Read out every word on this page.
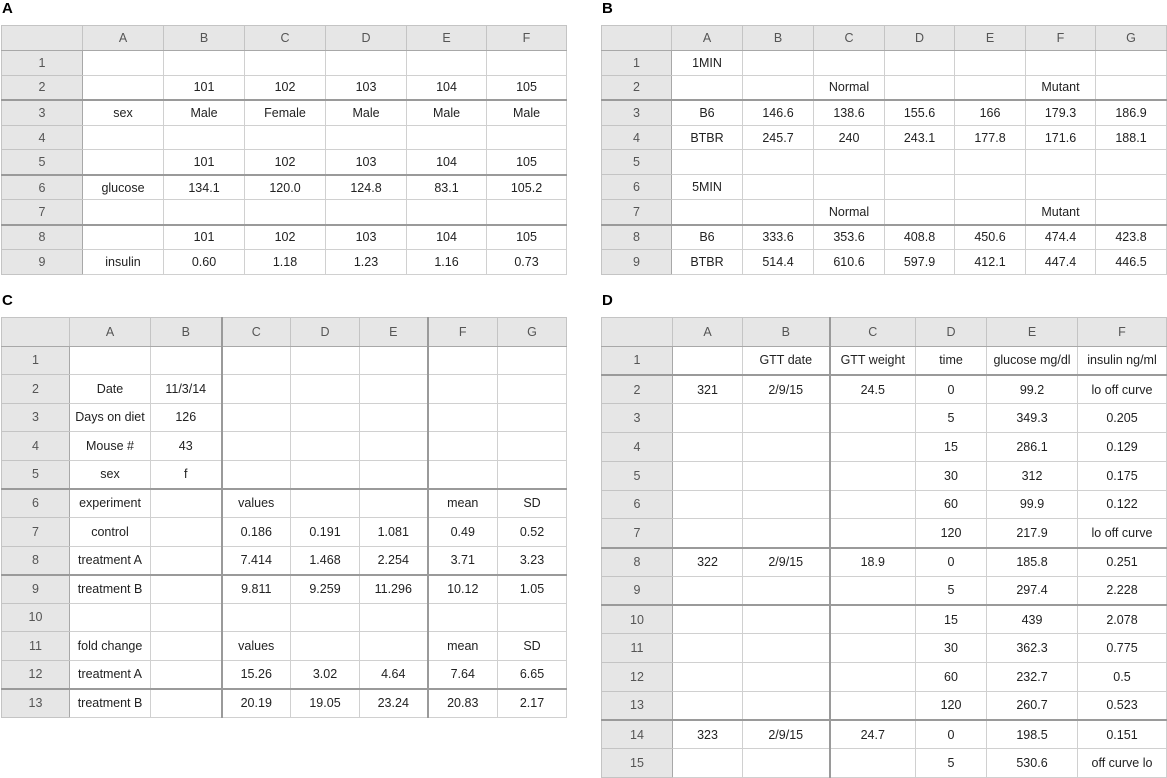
A
	A	B	C	D	E	F
1						
2		101	102	103	104	105
3	sex	Male	Female	Male	Male	Male
4						
5		101	102	103	104	105
6	glucose	134.1	120.0	124.8	83.1	105.2
7						
8		101	102	103	104	105
9	insulin	0.60	1.18	1.23	1.16	0.73
B
	A	B	C	D	E	F	G
1	1MIN						
2			Normal			Mutant	
3	B6	146.6	138.6	155.6	166	179.3	186.9
4	BTBR	245.7	240	243.1	177.8	171.6	188.1
5							
6	5MIN						
7			Normal			Mutant	
8	B6	333.6	353.6	408.8	450.6	474.4	423.8
9	BTBR	514.4	610.6	597.9	412.1	447.4	446.5
C
	A	B	C	D	E	F	G
1							
2	Date	11/3/14					
3	Days on diet	126					
4	Mouse #	43					
5	sex	f					
6	experiment		values			mean	SD
7	control		0.186	0.191	1.081	0.49	0.52
8	treatment A		7.414	1.468	2.254	3.71	3.23
9	treatment B		9.811	9.259	11.296	10.12	1.05
10							
11	fold change		values			mean	SD
12	treatment A		15.26	3.02	4.64	7.64	6.65
13	treatment B		20.19	19.05	23.24	20.83	2.17
D
	A	B	C	D	E	F
1		GTT date	GTT weight	time	glucose mg/dl	insulin ng/ml
2	321	2/9/15	24.5	0	99.2	lo off curve
3				5	349.3	0.205
4				15	286.1	0.129
5				30	312	0.175
6				60	99.9	0.122
7				120	217.9	lo off curve
8	322	2/9/15	18.9	0	185.8	0.251
9				5	297.4	2.228
10				15	439	2.078
11				30	362.3	0.775
12				60	232.7	0.5
13				120	260.7	0.523
14	323	2/9/15	24.7	0	198.5	0.151
15				5	530.6	off curve lo
